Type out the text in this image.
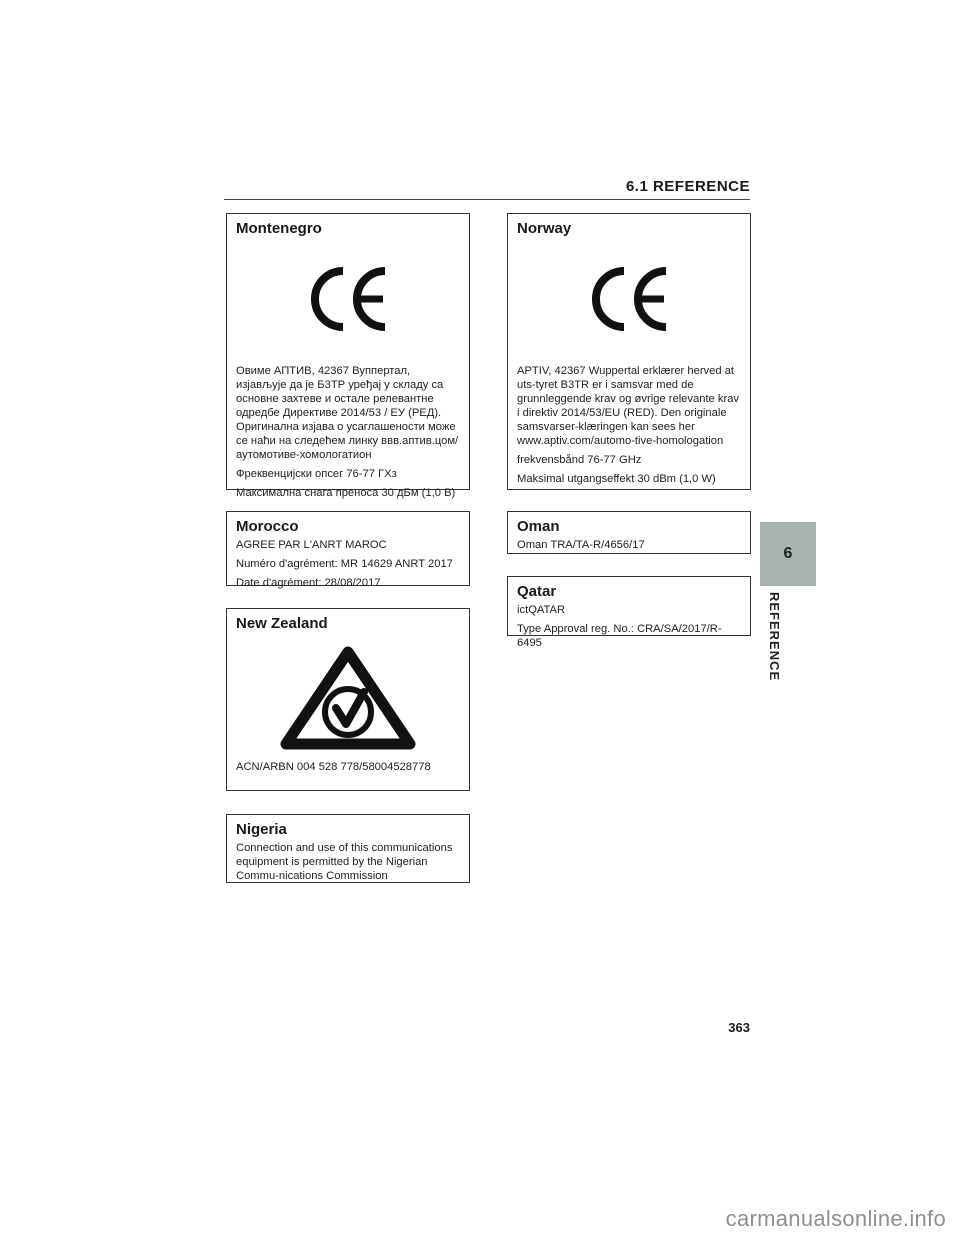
6.1 REFERENCE
Montenegro

Овиме АПТИВ, 42367 Вуппертал, изјављује да је Б3ТР уређај у складу са основне захтеве и остале релевантне одредбе Директиве 2014/53 / ЕУ (РЕД). Оригинална изјава о усаглашености може се наћи на следећем линку ввв.аптив.цом/аутомотиве-хомологатион

Фреквенцијски опсег 76-77 ГХз

Максимална снага преноса 30 дБм (1,0 В)

Norway

APTIV, 42367 Wuppertal erklærer herved at uts-tyret B3TR er i samsvar med de grunnleggende krav og øvrige relevante krav i direktiv 2014/53/EU (RED). Den originale samsvarser-klæringen kan sees her www.aptiv.com/automo-tive-homologation

frekvensbånd 76-77 GHz

Maksimal utgangseffekt 30 dBm (1,0 W)

Morocco

AGREE PAR L'ANRT MAROC

Numéro d'agrément: MR 14629 ANRT 2017

Date d'agrément: 28/08/2017

Oman

Oman TRA/TA-R/4656/17

Qatar

ictQATAR

Type Approval reg. No.: CRA/SA/2017/R-6495

New Zealand

ACN/ARBN 004 528 778/58004528778

Nigeria

Connection and use of this communications equipment is permitted by the Nigerian Commu-nications Commission

6
REFERENCE
363
carmanualsonline.info
